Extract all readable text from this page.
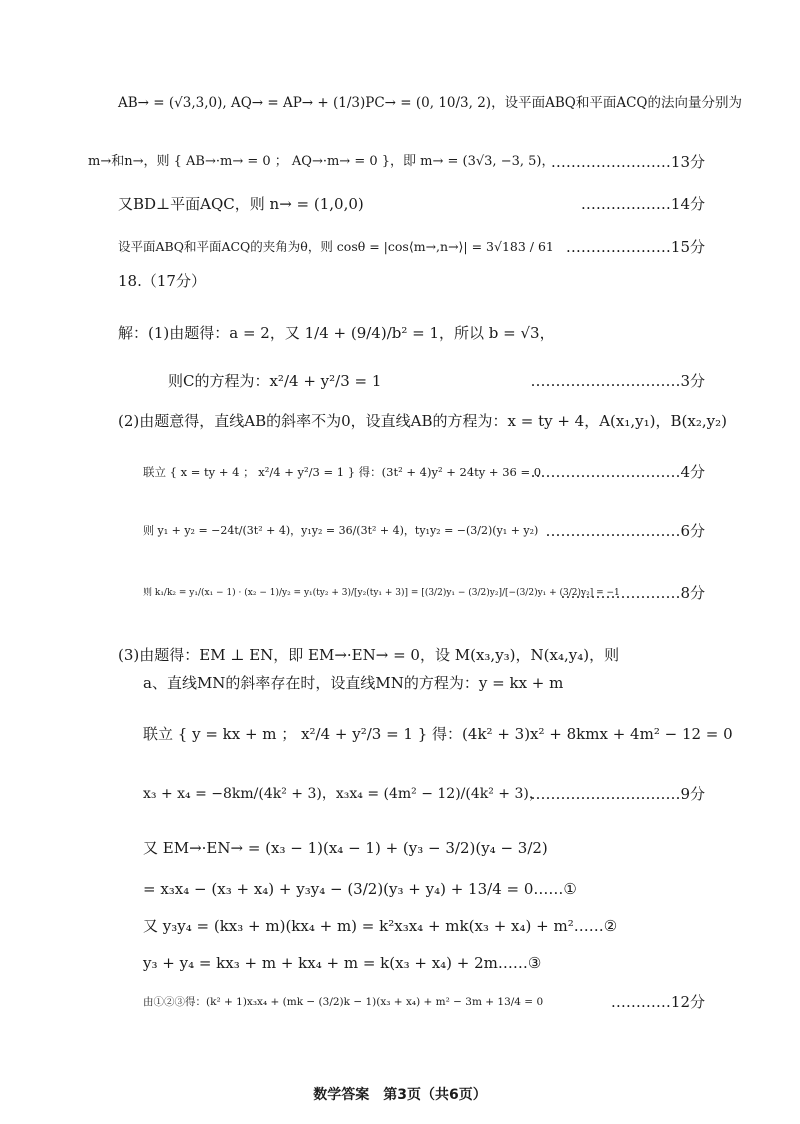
AB→ = (√3,3,0), AQ→ = AP→ + (1/3)PC→ = (0, 10/3, 2)，设平面ABQ和平面ACQ的法向量分别为
m→和n→，则 { AB→·m→ = 0 ； AQ→·m→ = 0 }，即 m→ = (3√3, −3, 5)，
……………………13分
又BD⊥平面AQC，则 n→ = (1,0,0)	………………14分
设平面ABQ和平面ACQ的夹角为θ，则 cosθ = |cos⟨m→,n→⟩| = 3√183 / 61 …………………15分
18.（17分）
解：(1)由题得：a = 2，又 1/4 + (9/4)/b² = 1，所以 b = √3，
则C的方程为：x²/4 + y²/3 = 1	…………………………3分
(2)由题意得，直线AB的斜率不为0，设直线AB的方程为：x = ty + 4，A(x₁,y₁)，B(x₂,y₂)
联立 { x = ty + 4 ； x²/4 + y²/3 = 1 } 得：(3t² + 4)y² + 24ty + 36 = 0
…………………………4分
则 y₁ + y₂ = −24t/(3t² + 4)，y₁y₂ = 36/(3t² + 4)，ty₁y₂ = −(3/2)(y₁ + y₂) ………………………6分
则 k₁/k₂ = y₁/(x₁ − 1) · (x₂ − 1)/y₂ = y₁(ty₂ + 3)/[y₂(ty₁ + 3)] = [(3/2)y₁ − (3/2)y₂]/[−(3/2)y₁ + (3/2)y₂] = −1
……………………8分
(3)由题得：EM ⊥ EN，即 EM→·EN→ = 0，设 M(x₃,y₃)，N(x₄,y₄)，则
a、直线MN的斜率存在时，设直线MN的方程为：y = kx + m
联立 { y = kx + m ； x²/4 + y²/3 = 1 } 得：(4k² + 3)x² + 8kmx + 4m² − 12 = 0
x₃ + x₄ = −8km/(4k² + 3)，x₃x₄ = (4m² − 12)/(4k² + 3)，
…………………………9分
又 EM→·EN→ = (x₃ − 1)(x₄ − 1) + (y₃ − 3/2)(y₄ − 3/2)
= x₃x₄ − (x₃ + x₄) + y₃y₄ − (3/2)(y₃ + y₄) + 13/4 = 0……①
又 y₃y₄ = (kx₃ + m)(kx₄ + m) = k²x₃x₄ + mk(x₃ + x₄) + m²……②
y₃ + y₄ = kx₃ + m + kx₄ + m = k(x₃ + x₄) + 2m……③
由①②③得：(k² + 1)x₃x₄ + (mk − (3/2)k − 1)(x₃ + x₄) + m² − 3m + 13/4 = 0	…………12分
数学答案　第3页（共6页）
